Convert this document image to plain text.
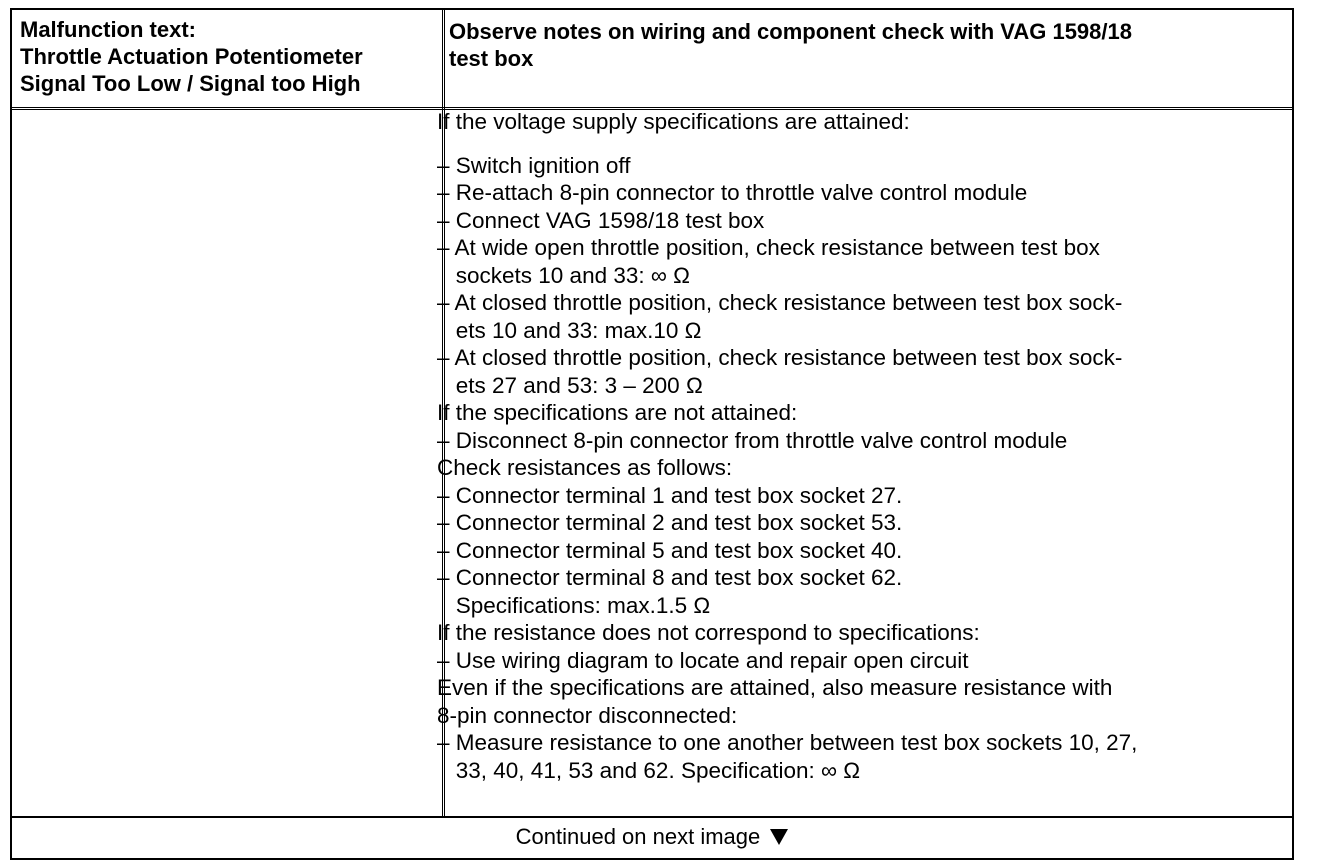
Malfunction text:
Throttle Actuation Potentiometer
Signal Too Low / Signal too High
Observe notes on wiring and component check with VAG 1598/18
test box
If the voltage supply specifications are attained:
– Switch ignition off
– Re-attach 8-pin connector to throttle valve control module
– Connect VAG 1598/18 test box
– At wide open throttle position, check resistance between test box
sockets 10 and 33: ∞ Ω
– At closed throttle position, check resistance between test box sock-
ets 10 and 33: max.10 Ω
– At closed throttle position, check resistance between test box sock-
ets 27 and 53: 3 – 200 Ω
If the specifications are not attained:
– Disconnect 8-pin connector from throttle valve control module
Check resistances as follows:
– Connector terminal 1 and test box socket 27.
– Connector terminal 2 and test box socket 53.
– Connector terminal 5 and test box socket 40.
– Connector terminal 8 and test box socket 62.
Specifications: max.1.5 Ω
If the resistance does not correspond to specifications:
– Use wiring diagram to locate and repair open circuit
Even if the specifications are attained, also measure resistance with
8-pin connector disconnected:
– Measure resistance to one another between test box sockets 10, 27,
33, 40, 41, 53 and 62. Specification: ∞ Ω
Continued on next image
